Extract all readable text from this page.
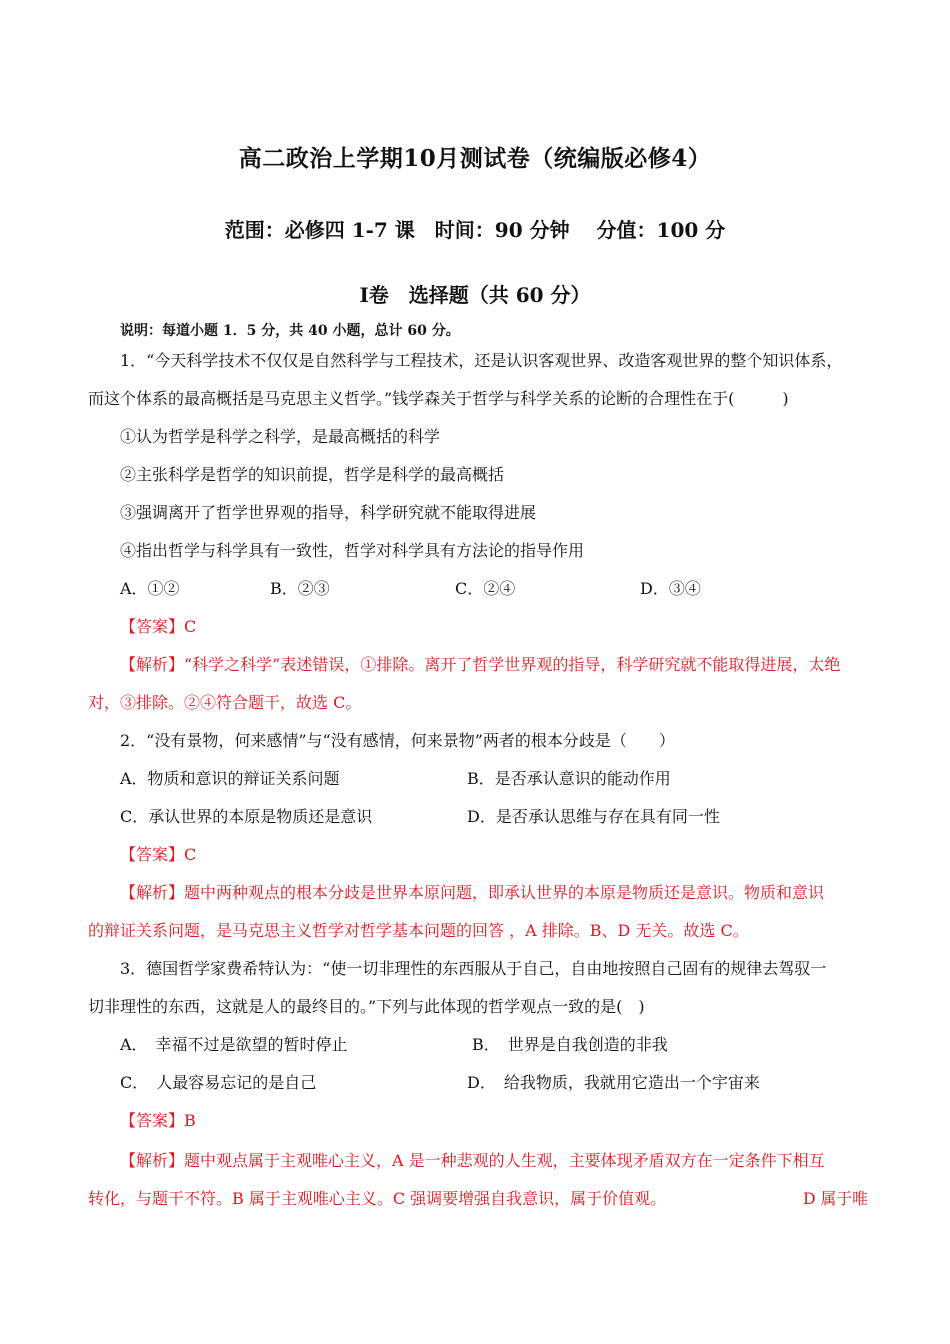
高二政治上学期10月测试卷（统编版必修4）
范围：必修四 1-7 课　时间：90 分钟　 分值：100 分
Ⅰ卷　选择题（共 60 分）
说明：每道小题 1．5 分，共 40 小题，总计 60 分。
1．“今天科学技术不仅仅是自然科学与工程技术，还是认识客观世界、改造客观世界的整个知识体系，
而这个体系的最高概括是马克思主义哲学。”钱学森关于哲学与科学关系的论断的合理性在于(　　　)
①认为哲学是科学之科学，是最高概括的科学
②主张科学是哲学的知识前提，哲学是科学的最高概括
③强调离开了哲学世界观的指导，科学研究就不能取得进展
④指出哲学与科学具有一致性，哲学对科学具有方法论的指导作用
A．①②	B．②③	C．②④	D．③④
【答案】C
【解析】“科学之科学”表述错误，①排除。离开了哲学世界观的指导，科学研究就不能取得进展，太绝
对，③排除。②④符合题干，故选 C。
2．“没有景物，何来感情”与“没有感情，何来景物”两者的根本分歧是（　　）
A．物质和意识的辩证关系问题	B．是否承认意识的能动作用
C．承认世界的本原是物质还是意识	D．是否承认思维与存在具有同一性
【答案】C
【解析】题中两种观点的根本分歧是世界本原问题，即承认世界的本原是物质还是意识。物质和意识
的辩证关系问题，是马克思主义哲学对哲学基本问题的回答 ，A 排除。B、D 无关。故选 C。
3．德国哲学家费希特认为：“使一切非理性的东西服从于自己，自由地按照自己固有的规律去驾驭一
切非理性的东西，这就是人的最终目的。”下列与此体现的哲学观点一致的是(　)
A．　幸福不过是欲望的暂时停止	B．　世界是自我创造的非我
C．　人最容易忘记的是自己	D．　给我物质，我就用它造出一个宇宙来
【答案】B
【解析】题中观点属于主观唯心主义，A 是一种悲观的人生观，主要体现矛盾双方在一定条件下相互
转化，与题干不符。B 属于主观唯心主义。C 强调要增强自我意识，属于价值观。	D 属于唯
